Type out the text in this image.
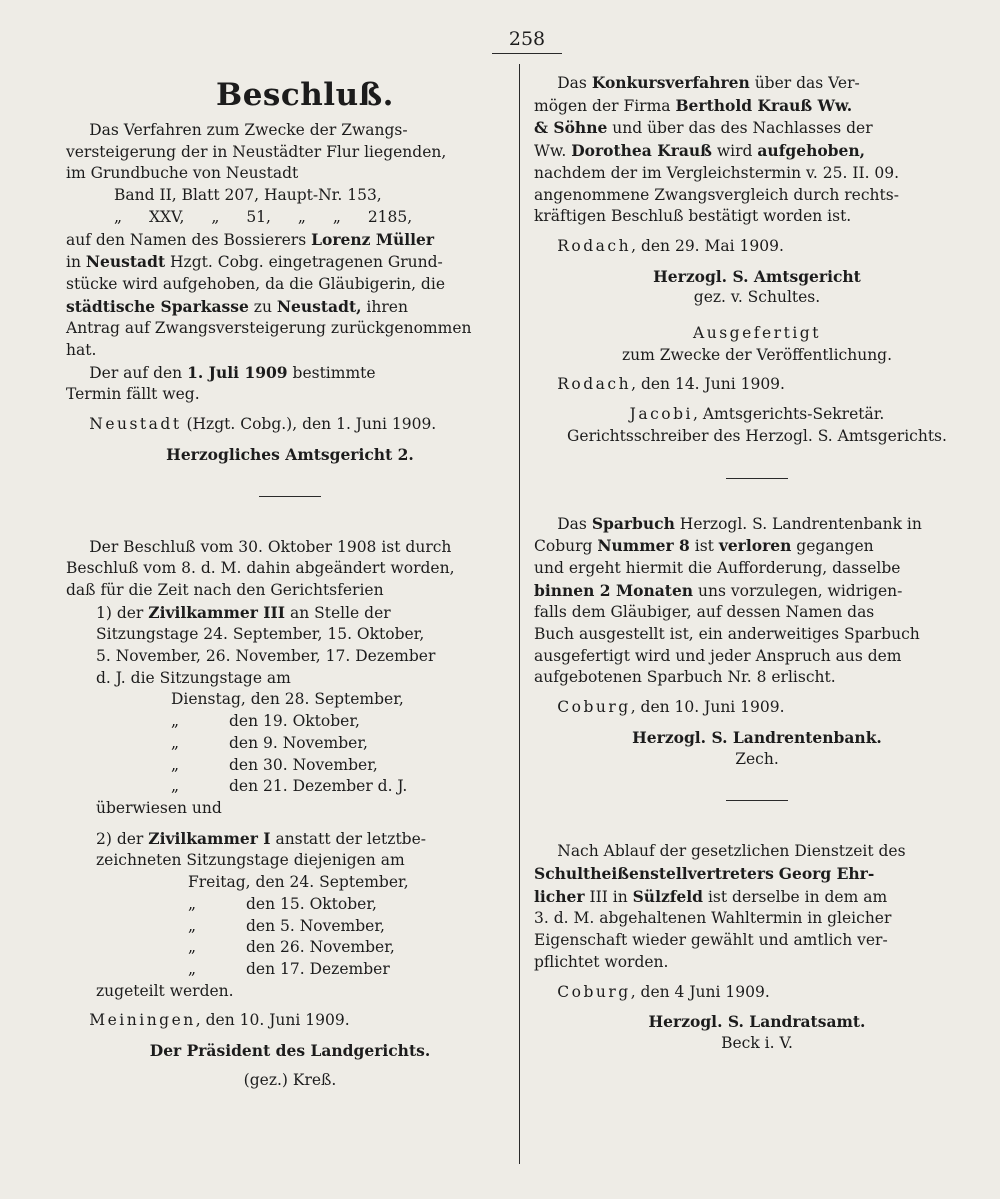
258
Beschluß.

Das Verfahren zum Zwecke der Zwangs-

versteigerung der in Neustädter Flur liegenden,

im Grundbuche von Neustadt

Band II, Blatt 207, Haupt-Nr. 153,

„ XXV, „ 51, „ „ 2185,

auf den Namen des Bossierers Lorenz Müller

in Neustadt Hzgt. Cobg. eingetragenen Grund-

stücke wird aufgehoben, da die Gläubigerin, die

städtische Sparkasse zu Neustadt, ihren

Antrag auf Zwangsversteigerung zurückgenommen

hat.

Der auf den 1. Juli 1909 bestimmte

Termin fällt weg.

Neustadt (Hzgt. Cobg.), den 1. Juni 1909.

Herzogliches Amtsgericht 2.

Der Beschluß vom 30. Oktober 1908 ist durch

Beschluß vom 8. d. M. dahin abgeändert worden,

daß für die Zeit nach den Gerichtsferien

1) der Zivilkammer III an Stelle der

Sitzungstage 24. September, 15. Oktober,

5. November, 26. November, 17. Dezember

d. J. die Sitzungstage am

Dienstag, den 28. September,

„	den 19. Oktober,

„	den 9. November,

„	den 30. November,

„	den 21. Dezember d. J.

überwiesen und

2) der Zivilkammer I anstatt der letztbe-

zeichneten Sitzungstage diejenigen am

Freitag, den 24. September,

„	den 15. Oktober,

„	den 5. November,

„	den 26. November,

„	den 17. Dezember

zugeteilt werden.

Meiningen, den 10. Juni 1909.

Der Präsident des Landgerichts.

(gez.) Kreß.

Das Konkursverfahren über das Ver-

mögen der Firma Berthold Krauß Ww.

& Söhne und über das des Nachlasses der

Ww. Dorothea Krauß wird aufgehoben,

nachdem der im Vergleichstermin v. 25. II. 09.

angenommene Zwangsvergleich durch rechts-

kräftigen Beschluß bestätigt worden ist.

Rodach, den 29. Mai 1909.

Herzogl. S. Amtsgericht

gez. v. Schultes.

Ausgefertigt

zum Zwecke der Veröffentlichung.

Rodach, den 14. Juni 1909.

Jacobi, Amtsgerichts-Sekretär.

Gerichtsschreiber des Herzogl. S. Amtsgerichts.

Das Sparbuch Herzogl. S. Landrentenbank in

Coburg Nummer 8 ist verloren gegangen

und ergeht hiermit die Aufforderung, dasselbe

binnen 2 Monaten uns vorzulegen, widrigen-

falls dem Gläubiger, auf dessen Namen das

Buch ausgestellt ist, ein anderweitiges Sparbuch

ausgefertigt wird und jeder Anspruch aus dem

aufgebotenen Sparbuch Nr. 8 erlischt.

Coburg, den 10. Juni 1909.

Herzogl. S. Landrentenbank.

Zech.

Nach Ablauf der gesetzlichen Dienstzeit des

Schultheißenstellvertreters Georg Ehr-

licher III in Sülzfeld ist derselbe in dem am

3. d. M. abgehaltenen Wahltermin in gleicher

Eigenschaft wieder gewählt und amtlich ver-

pflichtet worden.

Coburg, den 4 Juni 1909.

Herzogl. S. Landratsamt.

Beck i. V.
